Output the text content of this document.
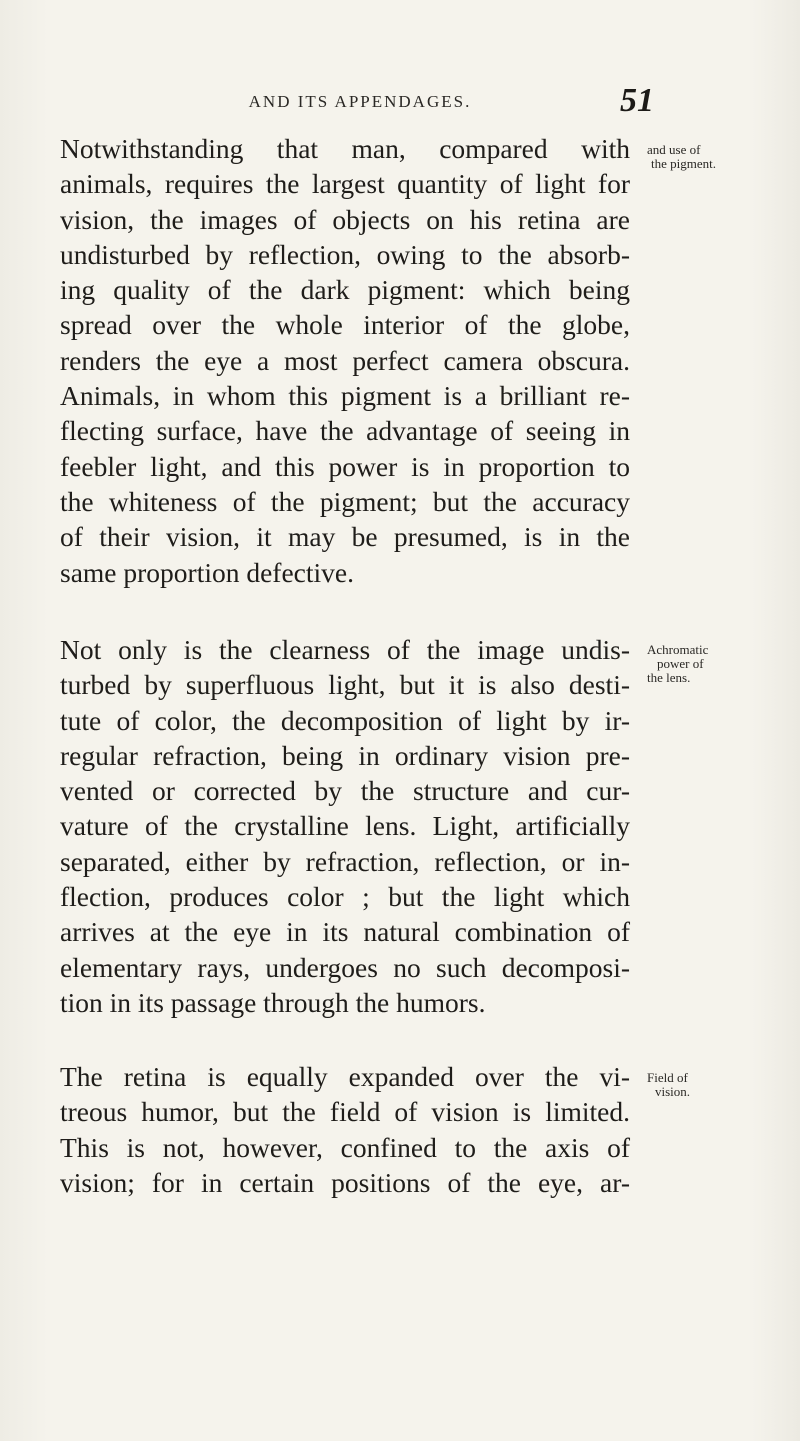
AND ITS APPENDAGES.	51
Notwithstanding that man, compared with
animals, requires the largest quantity of light for
vision, the images of objects on his retina are
undisturbed by reflection, owing to the absorb-
ing quality of the dark pigment: which being
spread over the whole interior of the globe,
renders the eye a most perfect camera obscura.
Animals, in whom this pigment is a brilliant re-
flecting surface, have the advantage of seeing in
feebler light, and this power is in proportion to
the whiteness of the pigment; but the accuracy
of their vision, it may be presumed, is in the
same proportion defective.
Not only is the clearness of the image undis-
turbed by superfluous light, but it is also desti-
tute of color, the decomposition of light by ir-
regular refraction, being in ordinary vision pre-
vented or corrected by the structure and cur-
vature of the crystalline lens. Light, artificially
separated, either by refraction, reflection, or in-
flection, produces color ; but the light which
arrives at the eye in its natural combination of
elementary rays, undergoes no such decomposi-
tion in its passage through the humors.
The retina is equally expanded over the vi-
treous humor, but the field of vision is limited.
This is not, however, confined to the axis of
vision; for in certain positions of the eye, ar-
and use of
the pigment.
Achromatic
power of
the lens.
Field of
vision.
